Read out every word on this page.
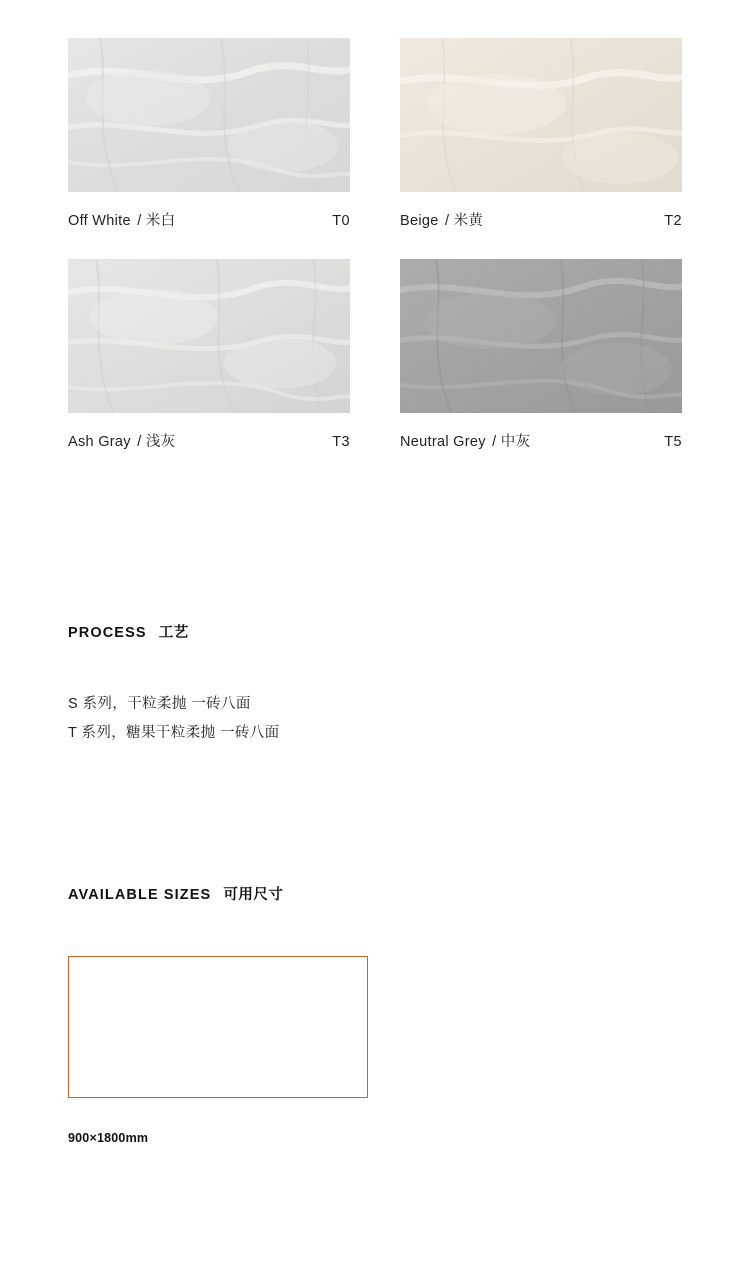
Off White / 米白	T0	Beige / 米黄	T2
Ash Gray / 浅灰	T3	Neutral Grey / 中灰	T5
PROCESS 工艺
S 系列，干粒柔抛 一砖八面
T 系列，糖果干粒柔抛 一砖八面
AVAILABLE SIZES 可用尺寸
900×1800mm
